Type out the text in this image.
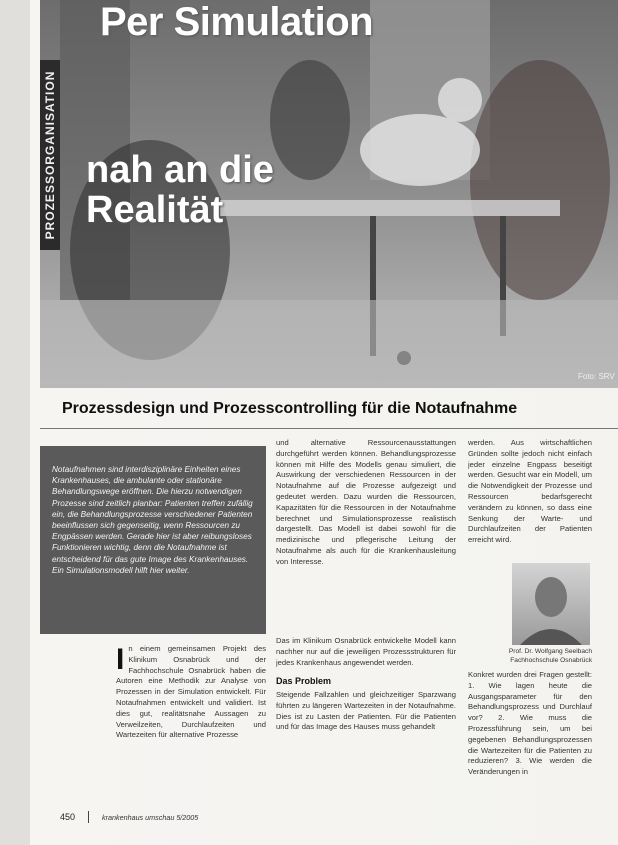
PROZESSORGANISATION
Per Simulation
nah an die
Realität
Foto: SRV
Prozessdesign und Prozesscontrolling für die Notaufnahme

Notaufnahmen sind interdisziplinäre Einheiten eines Krankenhauses, die ambulante oder stationäre Behandlungswege eröffnen. Die hierzu notwendigen Prozesse sind zeitlich planbar: Patienten treffen zufällig ein, die Behandlungsprozesse verschiedener Patienten beeinflussen sich gegenseitig, wenn Ressourcen zu Engpässen werden. Gerade hier ist aber reibungsloses Funktionieren wichtig, denn die Notaufnahme ist entscheidend für das gute Image des Krankenhauses. Ein Simulationsmodell hilft hier weiter.

In einem gemeinsamen Projekt des Klinikum Osnabrück und der Fachhochschule Osnabrück haben die Autoren eine Methodik zur Analyse von Prozessen in der Simulation entwickelt. Für Notaufnahmen entwickelt und validiert. Ist dies gut, realitätsnahe Aussagen zu Verweilzeiten, Durchlaufzeiten und Wartezeiten für alternative Prozesse
und alternative Ressourcenausstattungen durchgeführt werden können. Behandlungsprozesse können mit Hilfe des Modells genau simuliert, die Auswirkung der verschiedenen Ressourcen in der Notaufnahme auf die Prozesse aufgezeigt und gedeutet werden. Dazu wurden die Ressourcen, Kapazitäten für die Ressourcen in der Notaufnahme berechnet und Simulationsprozesse realistisch dargestellt. Das Modell ist dabei sowohl für die medizinische und pflegerische Leitung der Notaufnahme als auch für die Krankenhausleitung von Interesse.
Das im Klinikum Osnabrück entwickelte Modell kann nachher nur auf die jeweiligen Prozessstrukturen für jedes Krankenhaus angewendet werden.
Das Problem
Steigende Fallzahlen und gleichzeitiger Sparzwang führten zu längeren Wartezeiten in der Notaufnahme. Dies ist zu Lasten der Patienten. Für die Patienten und für das Image des Hauses muss gehandelt
werden. Aus wirtschaftlichen Gründen sollte jedoch nicht einfach jeder einzelne Engpass beseitigt werden. Gesucht war ein Modell, um die Notwendigkeit der Prozesse und Ressourcen bedarfsgerecht verändern zu können, so dass eine Senkung der Warte- und Durchlaufzeiten der Patienten erreicht wird.
Prof. Dr. Wolfgang Seelbach
Fachhochschule Osnabrück
Konkret wurden drei Fragen gestellt: 1. Wie lagen heute die Ausgangsparameter für den Behandlungsprozess und Durchlauf vor? 2. Wie muss die Prozessführung sein, um bei gegebenen Behandlungsprozessen die Wartezeiten für die Patienten zu reduzieren? 3. Wie werden die Veränderungen in
450	krankenhaus umschau 5/2005
